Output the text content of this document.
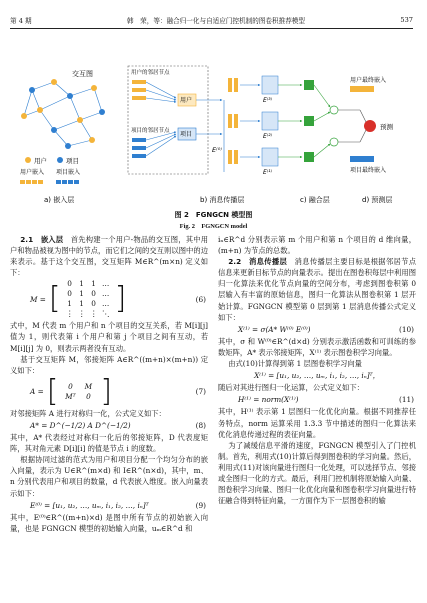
第 4 期	韩　荣，等：融合归一化与自适应门控机制的图卷积推荐模型	537
交互图
用户	项目
用户嵌入 项目嵌入
a) 嵌入层
用户的邻居节点
项目的邻居节点
用户
项目
E⁽⁰⁾
E⁽³⁾
E⁽²⁾
E⁽¹⁾
b) 消息传播层	c) 融合层
用户最终嵌入
项目最终嵌入
预测
d) 预测层
图 2　FGNGCN 模型图
Fig. 2　FGNGCN model

2.1　嵌入层　 首先构建一个用户-物品的交互图，其中用户和物品被视为图中的节点，而它们之间的交互则以图中的边来表示。基于这个交互图，交互矩阵 M∈R^(m×n) 定义如下：

M = [ 0	1	1 …
0	1	0 …
1	1	0 …
⋮ ⋮ ⋮ ⋱ ]	(6)

式中，M 代表 m 个用户和 n 个项目的交互关系，若 M[i][j] 值为 1，则代表第 i 个用户和第 j 个项目之间有互动，若 M[i][j] 为 0，则表示两者没有互动。

基于交互矩阵 M，邻接矩阵 A∈R^((m+n)×(m+n)) 定义如下：

A = [	0	M
Mᵀ	0 ]	(7)

对邻接矩阵 A 进行对称归一化，公式定义如下：

A* = D^(−1/2) A D^(−1/2)	(8)

其中，A* 代表经过对称归一化后的邻接矩阵，D 代表度矩阵，其对角元素 D[i][i] 的值是节点 i 的度数。

根据协同过滤的范式为用户和项目分配一个均匀分布的嵌入向量，表示为 U∈R^(m×d) 和 I∈R^(n×d)，其中，m、n 分别代表用户和项目的数量，d 代表嵌入维度。嵌入向量表示如下：

E⁽⁰⁾ = [u₁, u₂, …, uₘ, i₁, i₂, …, iₙ]ᵀ	(9)

其中，E⁽⁰⁾∈R^((m+n)×d) 是图中所有节点的初始嵌入向量，也是 FGNGCN 模型的初始输入向量，uₘ∈R^d 和

iₙ∈R^d 分别表示第 m 个用户和第 n 个项目的 d 维向量，(m+n) 为节点的总数。

2.2　消息传播层　 消息传播层主要目标是根据邻居节点信息来更新目标节点的向量表示。提出在图卷积每层中利用图归一化算法来优化节点向量的空间分布，考虑到图卷积第 0 层输入有丰富的原始信息，图归一化算法从图卷积第 1 层开始计算。FGNGCN 模型第 0 层到第 1 层消息传播公式定义如下：

X⁽¹⁾ = σ(A* W⁽⁰⁾ E⁽⁰⁾)	(10)

其中，σ 和 W⁽⁰⁾∈R^(d×d) 分别表示激活函数和可训练的参数矩阵，A* 表示邻接矩阵，X⁽¹⁾ 表示图卷积学习向量。

由式(10)计算得到第 1 层图卷积学习向量

X⁽¹⁾ = [u₁, u₂, …, uₘ, i₁, i₂, …, iₙ]ᵀ，

随后对其进行图归一化运算，公式定义如下：

H⁽¹⁾ = norm(X⁽¹⁾)	(11)

其中，H⁽¹⁾ 表示第 1 层图归一化优化向量。根据不同推荐任务特点，norm 运算采用 1.3.3 节中描述的图归一化算法来优化消息传递过程的表征向量。

为了减缓信息平滑的速度，FGNGCN 模型引入了门控机制。首先，利用式(10)计算后得到图卷积的学习向量。然后，利用式(11)对该向量进行图归一化处理，可以选择节点、邻接或全图归一化的方式。最后，利用门控机制将原始输入向量、图卷积学习向量、图归一化优化向量和图卷积学习向量进行特征融合得到特征向量，一方面作为下一层图卷积的输
